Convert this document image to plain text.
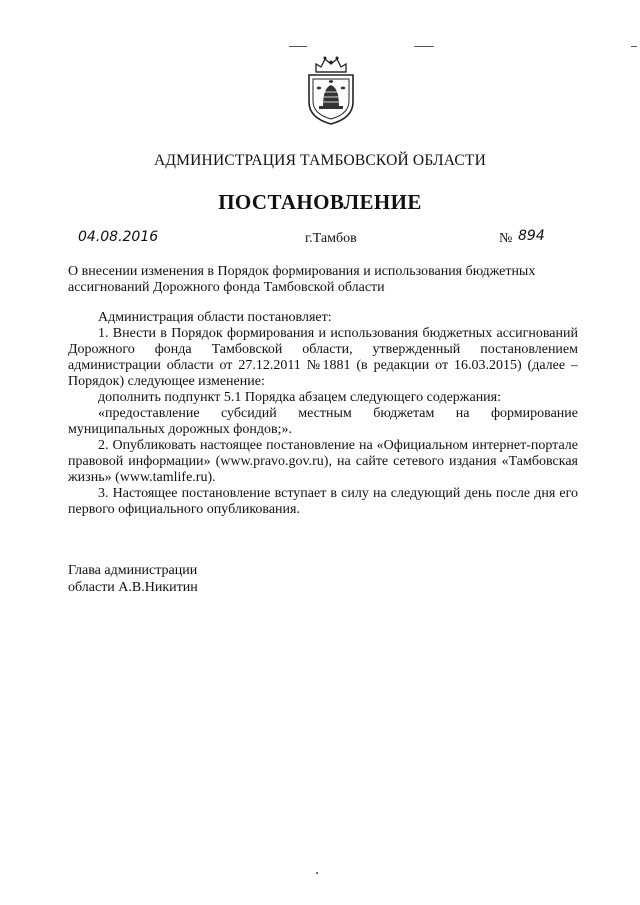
АДМИНИСТРАЦИЯ ТАМБОВСКОЙ ОБЛАСТИ
ПОСТАНОВЛЕНИЕ
04.08.2016	г.Тамбов	№ 894
О внесении изменения в Порядок формирования и использования бюджетных
ассигнований Дорожного фонда Тамбовской области

Администрация области постановляет:

1. Внести в Порядок формирования и использования бюджетных ассигнований Дорожного фонда Тамбовской области, утвержденный постановлением администрации области от 27.12.2011 №1881 (в редакции от 16.03.2015) (далее – Порядок) следующее изменение:

дополнить подпункт 5.1 Порядка абзацем следующего содержания:

«предоставление субсидий местным бюджетам на формирование муниципальных дорожных фондов;».

2. Опубликовать настоящее постановление на «Официальном интернет-портале правовой информации» (www.pravo.gov.ru), на сайте сетевого издания «Тамбовская жизнь» (www.tamlife.ru).

3. Настоящее постановление вступает в силу на следующий день после дня его первого официального опубликования.

Глава администрации
области А.В.Никитин
